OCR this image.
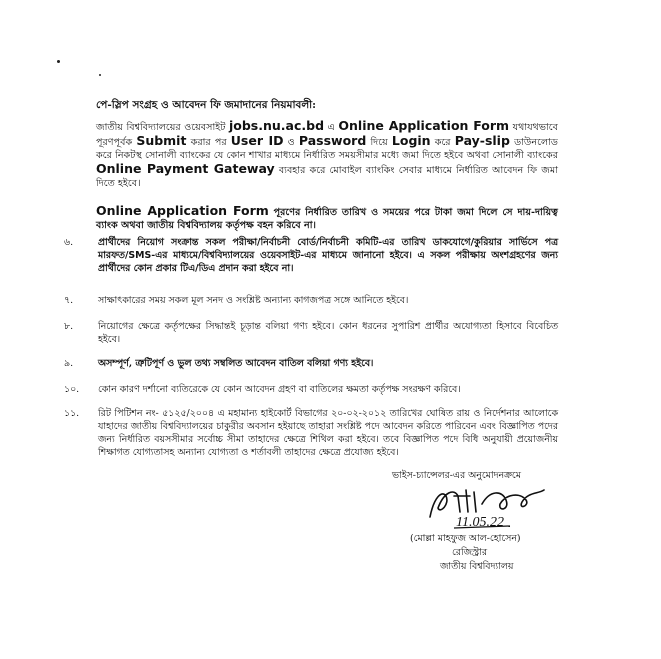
পে-স্লিপ সংগ্রহ ও আবেদন ফি জমাদানের নিয়মাবলী:
জাতীয় বিশ্ববিদ্যালয়ের ওয়েবসাইট jobs.nu.ac.bd এ Online Application Form যথাযথভাবে পূরণপূর্বক Submit করার পর User ID ও Password দিয়ে Login করে Pay-slip ডাউনলোড করে নিকটস্থ সোনালী ব্যাংকের যে কোন শাখার মাধ্যমে নির্ধারিত সময়সীমার মধ্যে জমা দিতে হইবে অথবা সোনালী ব্যাংকের Online Payment Gateway ব্যবহার করে মোবাইল ব্যাংকিং সেবার মাধ্যমে নির্ধারিত আবেদন ফি জমা দিতে হইবে।
Online Application Form পূরণের নির্ধারিত তারিখ ও সময়ের পরে টাকা জমা দিলে সে দায়-দায়িত্ব ব্যাংক অথবা জাতীয় বিশ্ববিদ্যালয় কর্তৃপক্ষ বহন করিবে না।
৬.	প্রার্থীদের নিয়োগ সংক্রান্ত সকল পরীক্ষা/নির্বাচনী বোর্ড/নির্বাচনী কমিটি-এর তারিখ ডাকযোগে/কুরিয়ার সার্ভিসে পত্র মারফত/SMS-এর মাধ্যমে/বিশ্ববিদ্যালয়ের ওয়েবসাইট-এর মাধ্যমে জানানো হইবে। এ সকল পরীক্ষায় অংশগ্রহণের জন্য প্রার্থীদের কোন প্রকার টিএ/ডিএ প্রদান করা হইবে না।
৭.	সাক্ষাৎকারের সময় সকল মূল সনদ ও সংশ্লিষ্ট অন্যান্য কাগজপত্র সঙ্গে আনিতে হইবে।
৮.	নিয়োগের ক্ষেত্রে কর্তৃপক্ষের সিদ্ধান্তই চূড়ান্ত বলিয়া গণ্য হইবে। কোন ধরনের সুপারিশ প্রার্থীর অযোগ্যতা হিসাবে বিবেচিত হইবে।
৯.	অসম্পূর্ণ, ত্রুটিপূর্ণ ও ভুল তথ্য সম্বলিত আবেদন বাতিল বলিয়া গণ্য হইবে।
১০.	কোন কারণ দর্শানো ব্যতিরেকে যে কোন আবেদন গ্রহণ বা বাতিলের ক্ষমতা কর্তৃপক্ষ সংরক্ষণ করিবে।
১১.	রিট পিটিশন নং- ৫১২৫/২০০৪ এ মহামান্য হাইকোর্ট বিভাগের ২০-০২-২০১২ তারিখের ঘোষিত রায় ও নির্দেশনার আলোকে যাহাদের জাতীয় বিশ্ববিদ্যালয়ের চাকুরীর অবসান হইয়াছে তাহারা সংশ্লিষ্ট পদে আবেদন করিতে পারিবেন এবং বিজ্ঞাপিত পদের জন্য নির্ধারিত বয়সসীমার সর্বোচ্চ সীমা তাহাদের ক্ষেত্রে শিথিল করা হইবে। তবে বিজ্ঞাপিত পদে বিধি অনুযায়ী প্রয়োজনীয় শিক্ষাগত যোগ্যতাসহ অন্যান্য যোগ্যতা ও শর্তাবলী তাহাদের ক্ষেত্রে প্রযোজ্য হইবে।
ভাইস-চ্যান্সেলর-এর অনুমোদনক্রমে
11.05.22
(মোল্লা মাহফুজ আল-হোসেন)
রেজিস্ট্রার
জাতীয় বিশ্ববিদ্যালয়
